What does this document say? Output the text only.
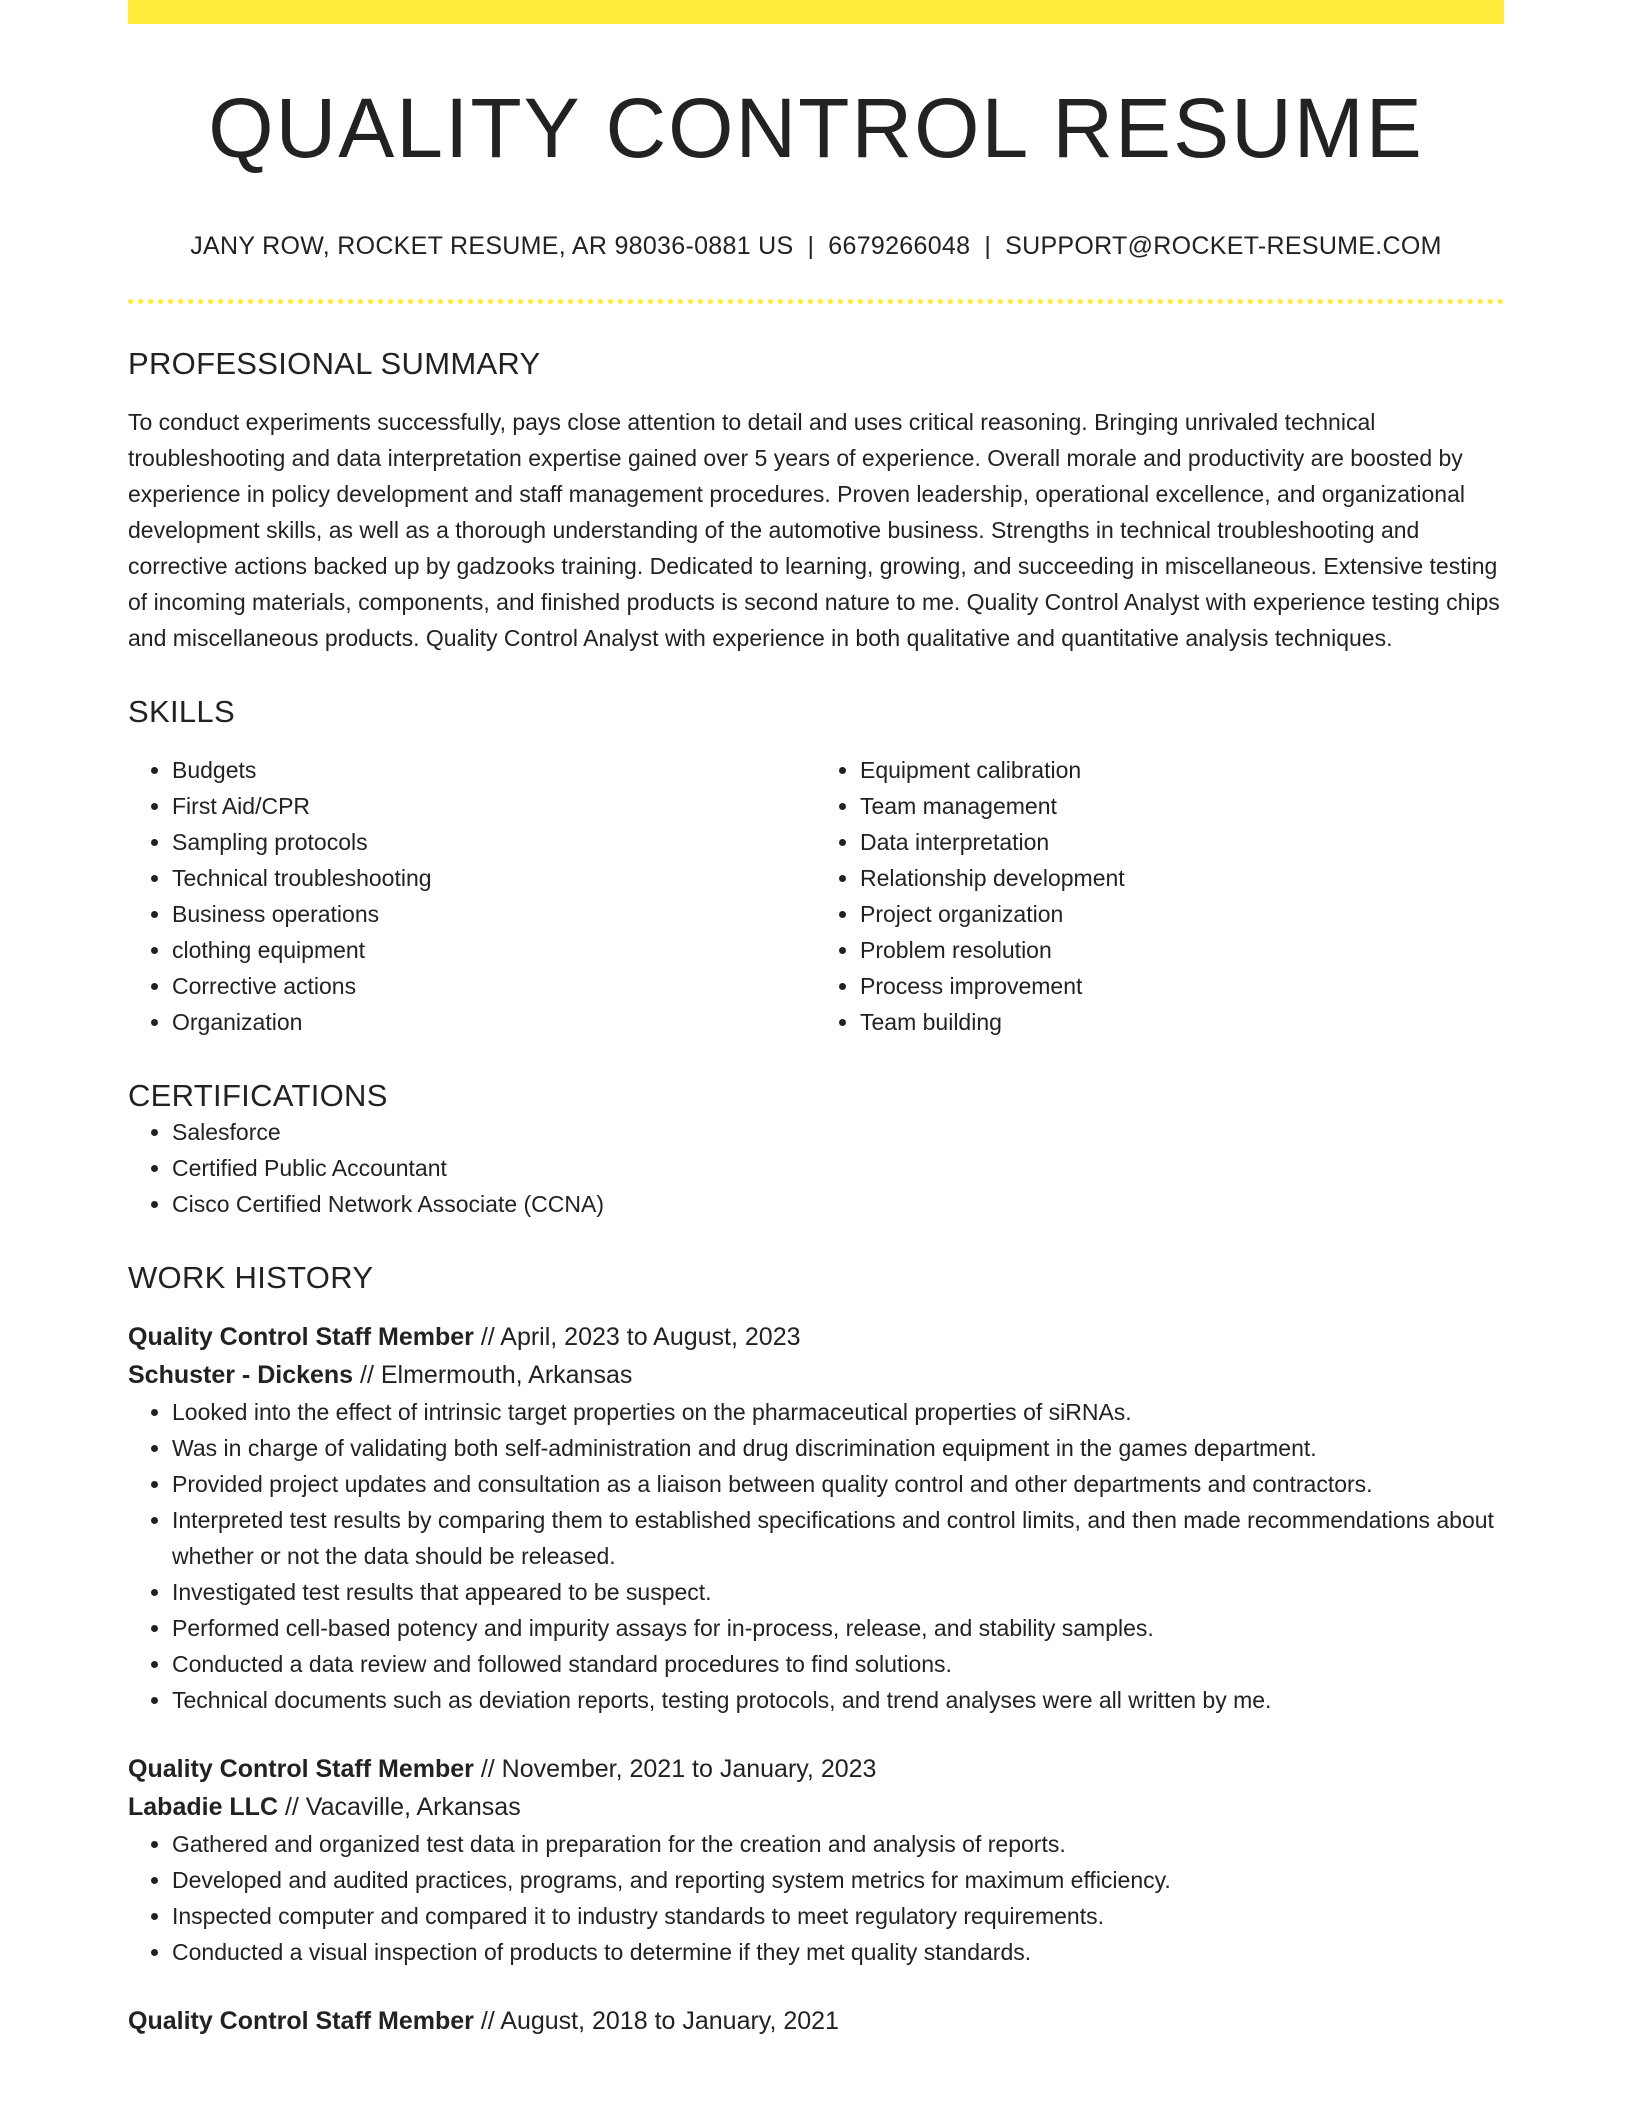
QUALITY CONTROL RESUME
JANY ROW, ROCKET RESUME, AR 98036-0881 US | 6679266048 | SUPPORT@ROCKET-RESUME.COM
PROFESSIONAL SUMMARY

To conduct experiments successfully, pays close attention to detail and uses critical reasoning. Bringing unrivaled technical troubleshooting and data interpretation expertise gained over 5 years of experience. Overall morale and productivity are boosted by experience in policy development and staff management procedures. Proven leadership, operational excellence, and organizational development skills, as well as a thorough understanding of the automotive business. Strengths in technical troubleshooting and corrective actions backed up by gadzooks training. Dedicated to learning, growing, and succeeding in miscellaneous. Extensive testing of incoming materials, components, and finished products is second nature to me. Quality Control Analyst with experience testing chips and miscellaneous products. Quality Control Analyst with experience in both qualitative and quantitative analysis techniques.

SKILLS
• Budgets
• First Aid/CPR
• Sampling protocols
• Technical troubleshooting
• Business operations
• clothing equipment
• Corrective actions
• Organization
• Equipment calibration
• Team management
• Data interpretation
• Relationship development
• Project organization
• Problem resolution
• Process improvement
• Team building
CERTIFICATIONS
• Salesforce
• Certified Public Accountant
• Cisco Certified Network Associate (CCNA)
WORK HISTORY
Quality Control Staff Member // April, 2023 to August, 2023
Schuster - Dickens // Elmermouth, Arkansas
• Looked into the effect of intrinsic target properties on the pharmaceutical properties of siRNAs.
• Was in charge of validating both self-administration and drug discrimination equipment in the games department.
• Provided project updates and consultation as a liaison between quality control and other departments and contractors.
• Interpreted test results by comparing them to established specifications and control limits, and then made recommendations about whether or not the data should be released.
• Investigated test results that appeared to be suspect.
• Performed cell-based potency and impurity assays for in-process, release, and stability samples.
• Conducted a data review and followed standard procedures to find solutions.
• Technical documents such as deviation reports, testing protocols, and trend analyses were all written by me.
Quality Control Staff Member // November, 2021 to January, 2023
Labadie LLC // Vacaville, Arkansas
• Gathered and organized test data in preparation for the creation and analysis of reports.
• Developed and audited practices, programs, and reporting system metrics for maximum efficiency.
• Inspected computer and compared it to industry standards to meet regulatory requirements.
• Conducted a visual inspection of products to determine if they met quality standards.
Quality Control Staff Member // August, 2018 to January, 2021
